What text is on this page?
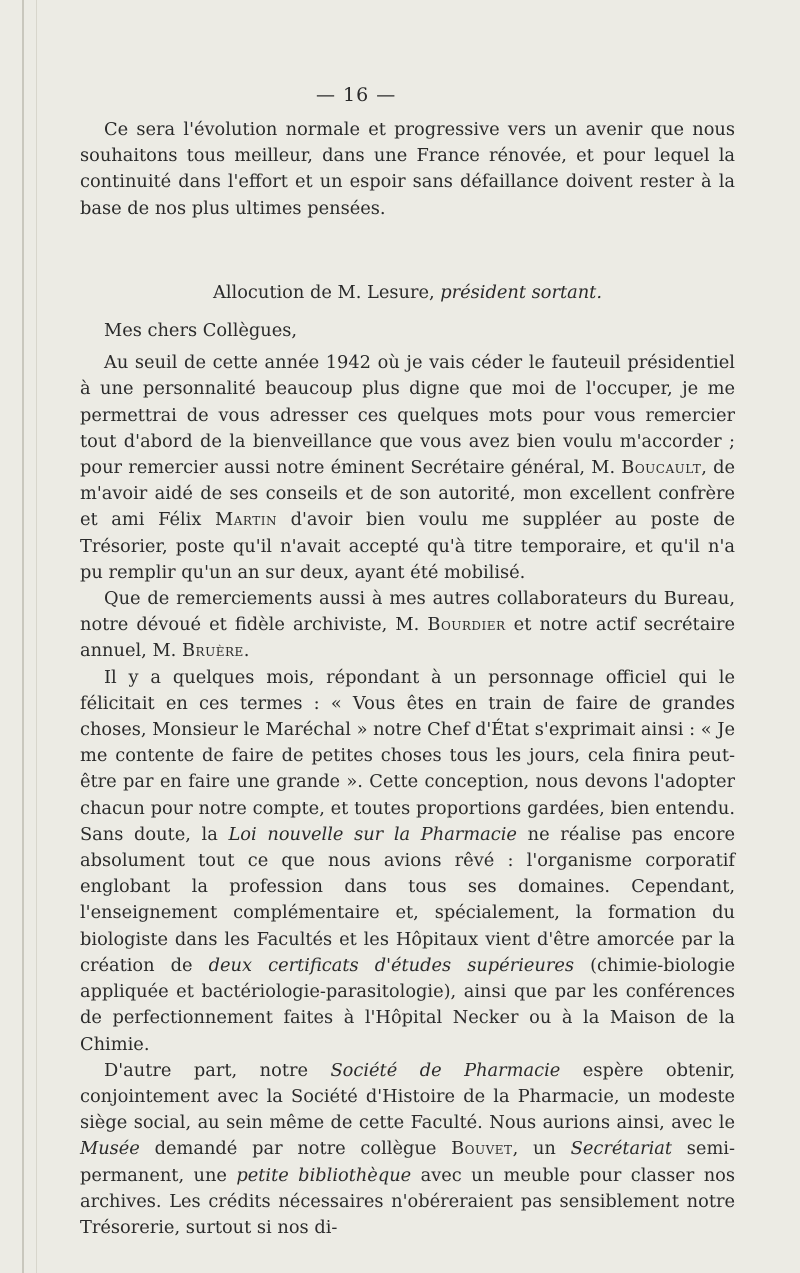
— 16 —

Ce sera l'évolution normale et progressive vers un avenir que nous souhaitons tous meilleur, dans une France rénovée, et pour lequel la continuité dans l'effort et un espoir sans défaillance doivent rester à la base de nos plus ultimes pensées.

Allocution de M. Lesure, président sortant.

Mes chers Collègues,

Au seuil de cette année 1942 où je vais céder le fauteuil présidentiel à une personnalité beaucoup plus digne que moi de l'occuper, je me permettrai de vous adresser ces quelques mots pour vous remercier tout d'abord de la bienveillance que vous avez bien voulu m'accorder ; pour remercier aussi notre éminent Secrétaire général, M. Boucault, de m'avoir aidé de ses conseils et de son autorité, mon excellent confrère et ami Félix Martin d'avoir bien voulu me suppléer au poste de Trésorier, poste qu'il n'avait accepté qu'à titre temporaire, et qu'il n'a pu remplir qu'un an sur deux, ayant été mobilisé.

Que de remerciements aussi à mes autres collaborateurs du Bureau, notre dévoué et fidèle archiviste, M. Bourdier et notre actif secrétaire annuel, M. Bruère.

Il y a quelques mois, répondant à un personnage officiel qui le félicitait en ces termes : « Vous êtes en train de faire de grandes choses, Monsieur le Maréchal » notre Chef d'État s'exprimait ainsi : « Je me contente de faire de petites choses tous les jours, cela finira peut-être par en faire une grande ». Cette conception, nous devons l'adopter chacun pour notre compte, et toutes proportions gardées, bien entendu. Sans doute, la Loi nouvelle sur la Pharmacie ne réalise pas encore absolument tout ce que nous avions rêvé : l'organisme corporatif englobant la profession dans tous ses domaines. Cependant, l'enseignement complémentaire et, spécialement, la formation du biologiste dans les Facultés et les Hôpitaux vient d'être amorcée par la création de deux certificats d'études supérieures (chimie-biologie appliquée et bactériologie-parasitologie), ainsi que par les conférences de perfectionnement faites à l'Hôpital Necker ou à la Maison de la Chimie.

D'autre part, notre Société de Pharmacie espère obtenir, conjointement avec la Société d'Histoire de la Pharmacie, un modeste siège social, au sein même de cette Faculté. Nous aurions ainsi, avec le Musée demandé par notre collègue Bouvet, un Secrétariat semi-permanent, une petite bibliothèque avec un meuble pour classer nos archives. Les crédits nécessaires n'obéreraient pas sensiblement notre Trésorerie, surtout si nos di-
